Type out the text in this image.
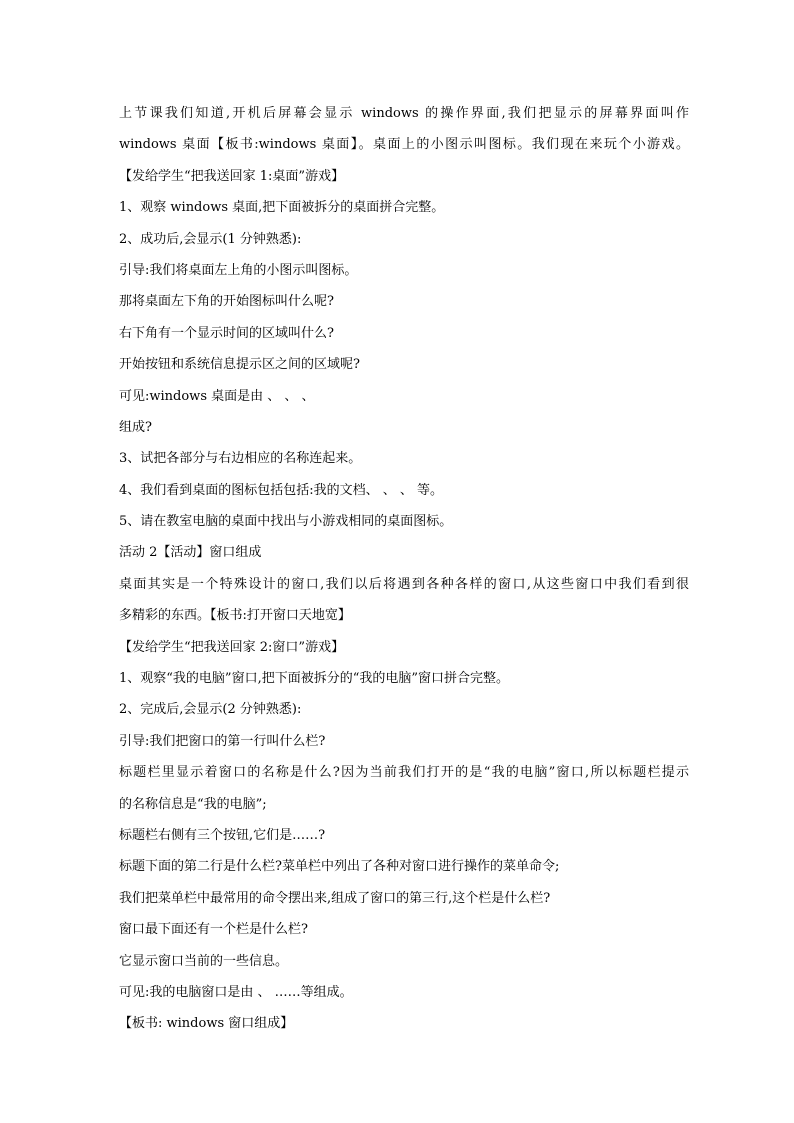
上节课我们知道,开机后屏幕会显示 windows 的操作界面,我们把显示的屏幕界面叫作
windows 桌面【板书:windows 桌面】。桌面上的小图示叫图标。我们现在来玩个小游戏。
【发给学生“把我送回家 1:桌面”游戏】
1、观察 windows 桌面,把下面被拆分的桌面拼合完整。
2、成功后,会显示(1 分钟熟悉):
引导:我们将桌面左上角的小图示叫图标。
那将桌面左下角的开始图标叫什么呢?
右下角有一个显示时间的区域叫什么?
开始按钮和系统信息提示区之间的区域呢?
可见:windows 桌面是由 、 、 、
组成?
3、试把各部分与右边相应的名称连起来。
4、我们看到桌面的图标包括包括:我的文档、 、 、 等。
5、请在教室电脑的桌面中找出与小游戏相同的桌面图标。
活动 2【活动】窗口组成
桌面其实是一个特殊设计的窗口,我们以后将遇到各种各样的窗口,从这些窗口中我们看到很
多精彩的东西。【板书:打开窗口天地宽】
【发给学生“把我送回家 2:窗口”游戏】
1、观察“我的电脑”窗口,把下面被拆分的“我的电脑”窗口拼合完整。
2、完成后,会显示(2 分钟熟悉):
引导:我们把窗口的第一行叫什么栏?
标题栏里显示着窗口的名称是什么?因为当前我们打开的是“我的电脑”窗口,所以标题栏提示
的名称信息是“我的电脑”;
标题栏右侧有三个按钮,它们是……?
标题下面的第二行是什么栏?菜单栏中列出了各种对窗口进行操作的菜单命令;
我们把菜单栏中最常用的命令摆出来,组成了窗口的第三行,这个栏是什么栏?
窗口最下面还有一个栏是什么栏?
它显示窗口当前的一些信息。
可见:我的电脑窗口是由 、 ……等组成。
【板书: windows 窗口组成】
